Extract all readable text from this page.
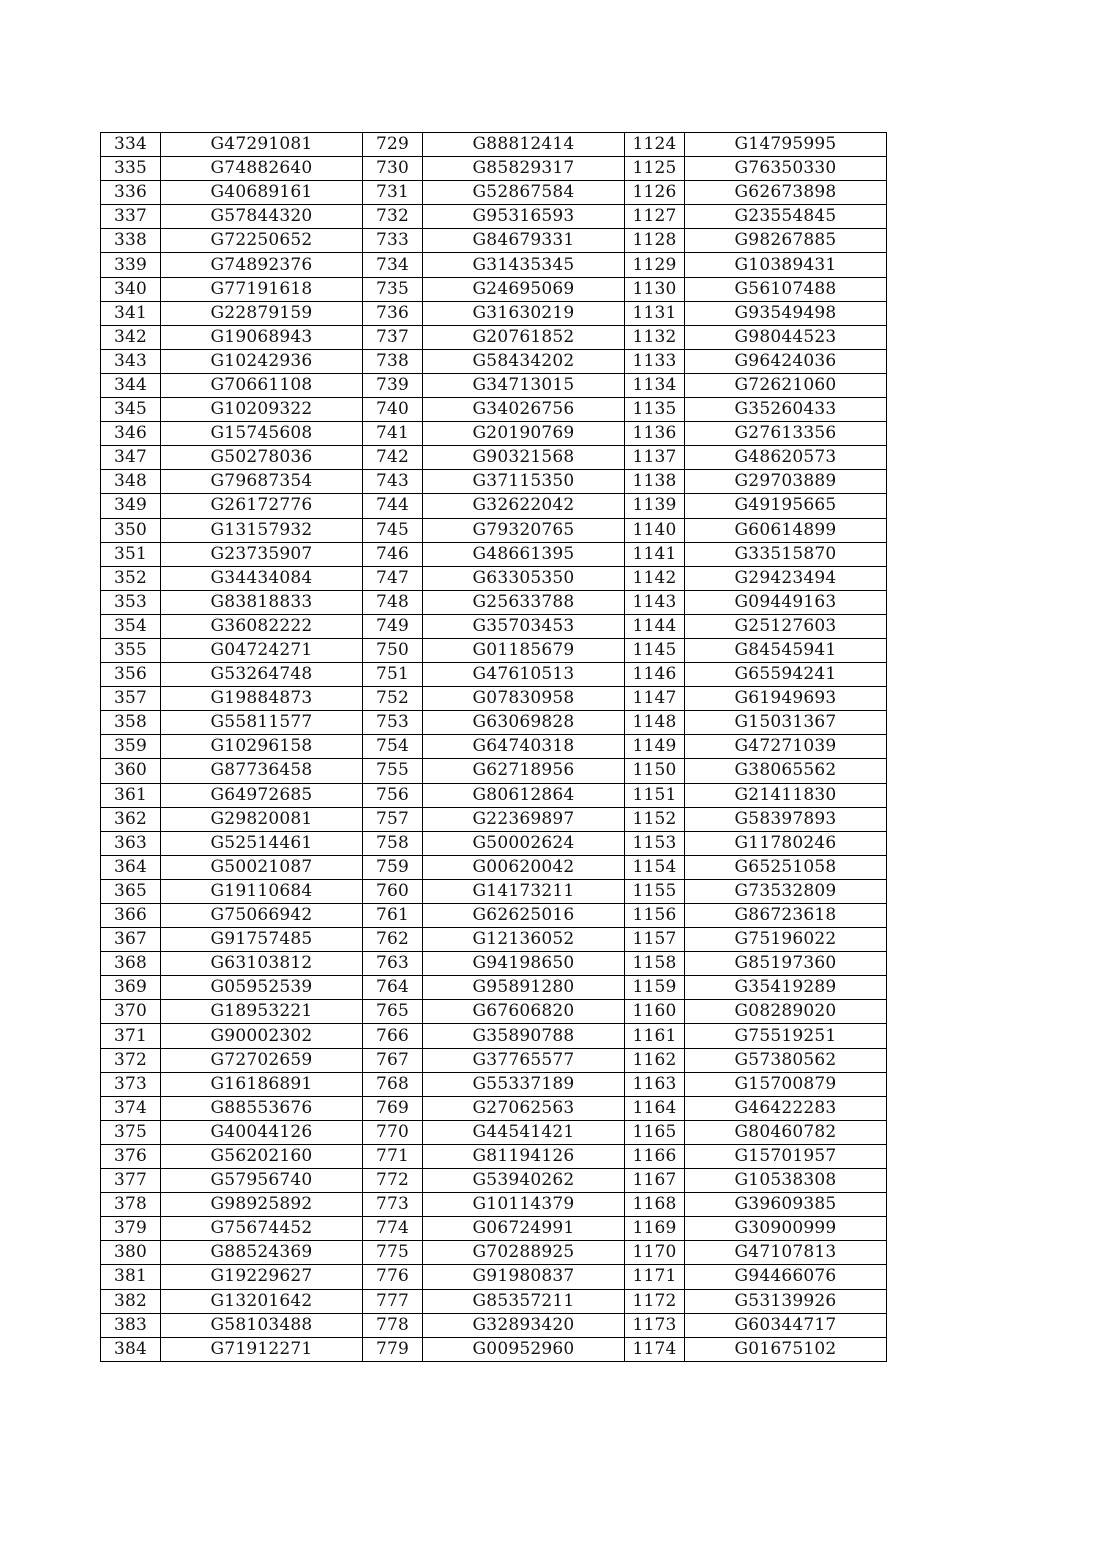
334	G47291081	729	G88812414	1124	G14795995
335	G74882640	730	G85829317	1125	G76350330
336	G40689161	731	G52867584	1126	G62673898
337	G57844320	732	G95316593	1127	G23554845
338	G72250652	733	G84679331	1128	G98267885
339	G74892376	734	G31435345	1129	G10389431
340	G77191618	735	G24695069	1130	G56107488
341	G22879159	736	G31630219	1131	G93549498
342	G19068943	737	G20761852	1132	G98044523
343	G10242936	738	G58434202	1133	G96424036
344	G70661108	739	G34713015	1134	G72621060
345	G10209322	740	G34026756	1135	G35260433
346	G15745608	741	G20190769	1136	G27613356
347	G50278036	742	G90321568	1137	G48620573
348	G79687354	743	G37115350	1138	G29703889
349	G26172776	744	G32622042	1139	G49195665
350	G13157932	745	G79320765	1140	G60614899
351	G23735907	746	G48661395	1141	G33515870
352	G34434084	747	G63305350	1142	G29423494
353	G83818833	748	G25633788	1143	G09449163
354	G36082222	749	G35703453	1144	G25127603
355	G04724271	750	G01185679	1145	G84545941
356	G53264748	751	G47610513	1146	G65594241
357	G19884873	752	G07830958	1147	G61949693
358	G55811577	753	G63069828	1148	G15031367
359	G10296158	754	G64740318	1149	G47271039
360	G87736458	755	G62718956	1150	G38065562
361	G64972685	756	G80612864	1151	G21411830
362	G29820081	757	G22369897	1152	G58397893
363	G52514461	758	G50002624	1153	G11780246
364	G50021087	759	G00620042	1154	G65251058
365	G19110684	760	G14173211	1155	G73532809
366	G75066942	761	G62625016	1156	G86723618
367	G91757485	762	G12136052	1157	G75196022
368	G63103812	763	G94198650	1158	G85197360
369	G05952539	764	G95891280	1159	G35419289
370	G18953221	765	G67606820	1160	G08289020
371	G90002302	766	G35890788	1161	G75519251
372	G72702659	767	G37765577	1162	G57380562
373	G16186891	768	G55337189	1163	G15700879
374	G88553676	769	G27062563	1164	G46422283
375	G40044126	770	G44541421	1165	G80460782
376	G56202160	771	G81194126	1166	G15701957
377	G57956740	772	G53940262	1167	G10538308
378	G98925892	773	G10114379	1168	G39609385
379	G75674452	774	G06724991	1169	G30900999
380	G88524369	775	G70288925	1170	G47107813
381	G19229627	776	G91980837	1171	G94466076
382	G13201642	777	G85357211	1172	G53139926
383	G58103488	778	G32893420	1173	G60344717
384	G71912271	779	G00952960	1174	G01675102
